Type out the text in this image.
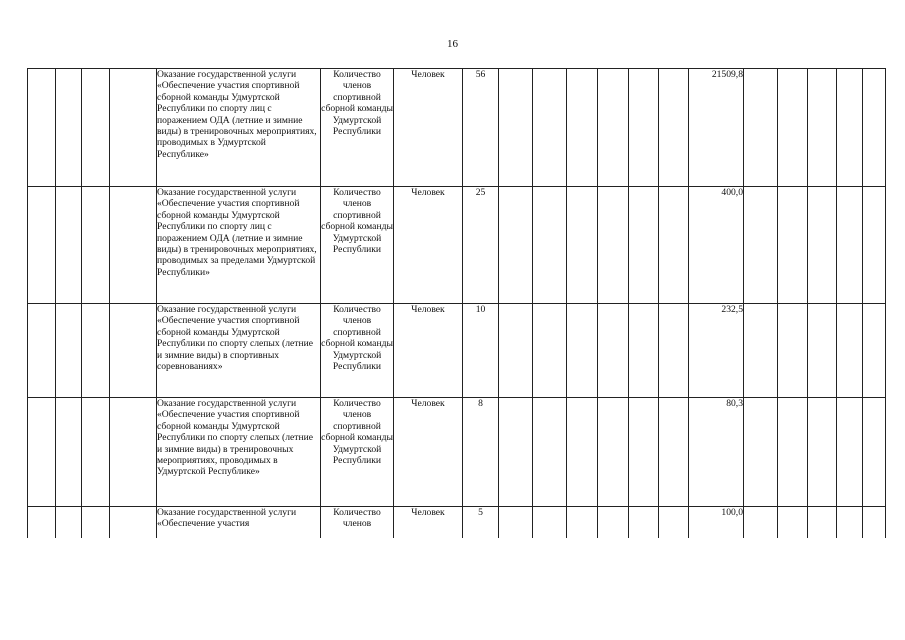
16
				Оказание государственной услуги «Обеспечение участия спортивной сборной команды Удмуртской Республики по спорту лиц с поражением ОДА (летние и зимние виды) в тренировочных мероприятиях, проводимых в Удмуртской Республике»	Количество членов спортивной сборной команды Удмуртской Республики	Человек	56							21509,8					
				Оказание государственной услуги «Обеспечение участия спортивной сборной команды Удмуртской Республики по спорту лиц с поражением ОДА (летние и зимние виды) в тренировочных мероприятиях, проводимых за пределами Удмуртской Республики»	Количество членов спортивной сборной команды Удмуртской Республики	Человек	25							400,0					
				Оказание государственной услуги «Обеспечение участия спортивной сборной команды Удмуртской Республики по спорту слепых (летние и зимние виды) в спортивных соревнованиях»	Количество членов спортивной сборной команды Удмуртской Республики	Человек	10							232,5					
				Оказание государственной услуги «Обеспечение участия спортивной сборной команды Удмуртской Республики по спорту слепых (летние и зимние виды) в тренировочных мероприятиях, проводимых в Удмуртской Республике»	Количество членов спортивной сборной команды Удмуртской Республики	Человек	8							80,3					
				Оказание государственной услуги «Обеспечение участия	Количество членов	Человек	5							100,0					
